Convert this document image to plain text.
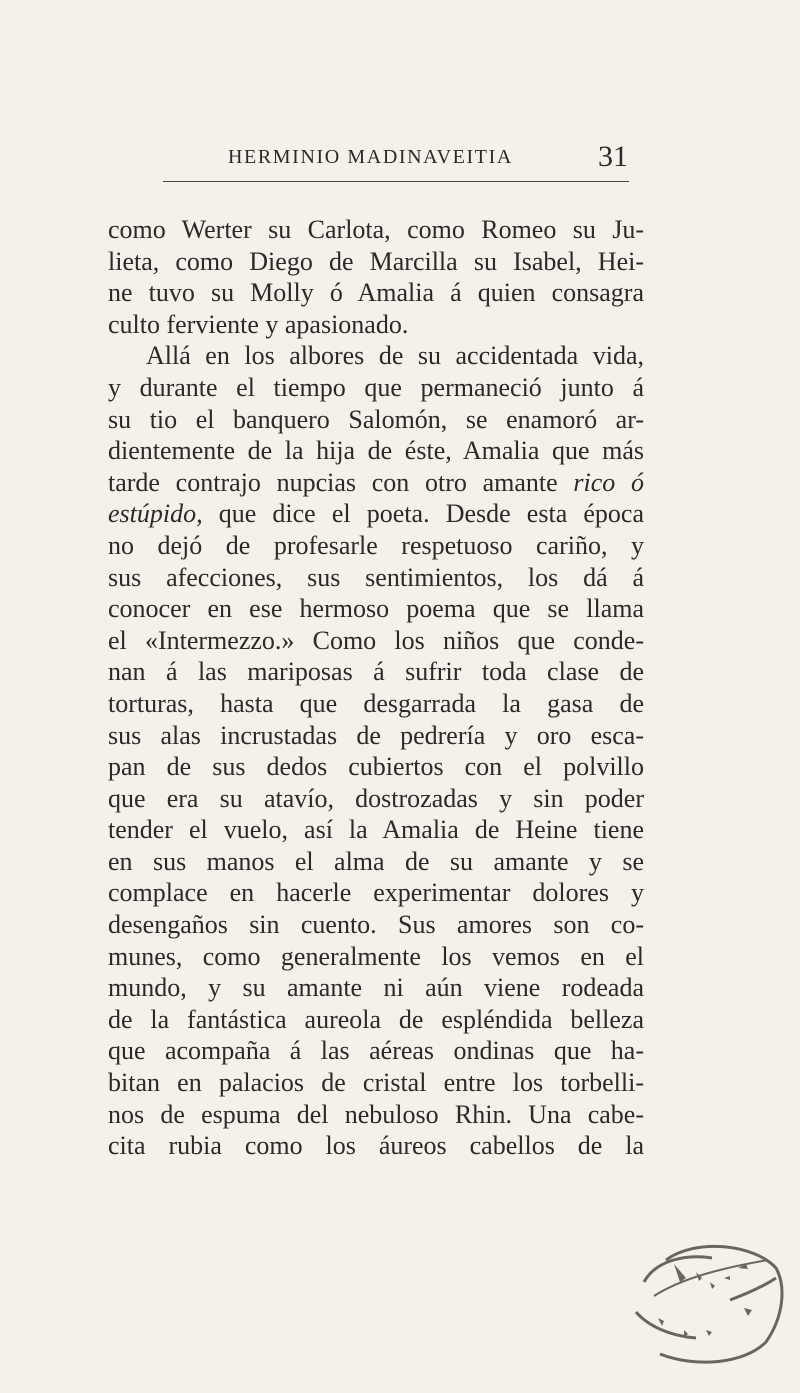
HERMINIO MADINAVEITIA	31
como Werter su Carlota, como Romeo su Ju-
lieta, como Diego de Marcilla su Isabel, Hei-
ne tuvo su Molly ó Amalia á quien consagra
culto ferviente y apasionado.
Allá en los albores de su accidentada vida,
y durante el tiempo que permaneció junto á
su tio el banquero Salomón, se enamoró ar-
dientemente de la hija de éste, Amalia que más
tarde contrajo nupcias con otro amante rico ó
estúpido, que dice el poeta. Desde esta época
no dejó de profesarle respetuoso cariño, y
sus afecciones, sus sentimientos, los dá á
conocer en ese hermoso poema que se llama
el «Intermezzo.» Como los niños que conde-
nan á las mariposas á sufrir toda clase de
torturas, hasta que desgarrada la gasa de
sus alas incrustadas de pedrería y oro esca-
pan de sus dedos cubiertos con el polvillo
que era su atavío, dostrozadas y sin poder
tender el vuelo, así la Amalia de Heine tiene
en sus manos el alma de su amante y se
complace en hacerle experimentar dolores y
desengaños sin cuento. Sus amores son co-
munes, como generalmente los vemos en el
mundo, y su amante ni aún viene rodeada
de la fantástica aureola de espléndida belleza
que acompaña á las aéreas ondinas que ha-
bitan en palacios de cristal entre los torbelli-
nos de espuma del nebuloso Rhin. Una cabe-
cita rubia como los áureos cabellos de la
